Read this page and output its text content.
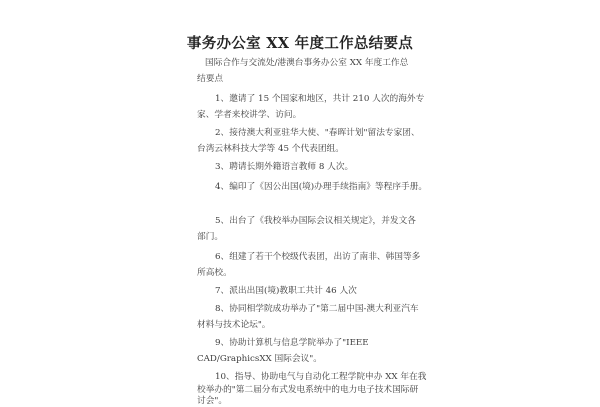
事务办公室 XX 年度工作总结要点

国际合作与交流处/港澳台事务办公室 XX 年度工作总

结要点

1、邀请了 15 个国家和地区，共计 210 人次的海外专

家、学者来校讲学、访问。

2、接待澳大利亚驻华大使、"春晖计划"留法专家团、

台湾云林科技大学等 45 个代表团组。

3、聘请长期外籍语言教师 8 人次。

4、编印了《因公出国(境)办理手续指南》等程序手册。

5、出台了《我校举办国际会议相关规定》，并发文各

部门。

6、组建了若干个校级代表团，出访了南非、韩国等多

所高校。

7、派出出国(境)教职工共计 46 人次

8、协同相学院成功举办了"第二届中国-澳大利亚汽车

材料与技术论坛"。

9、协助计算机与信息学院举办了"IEEE

CAD/GraphicsXX 国际会议"。

10、指导、协助电气与自动化工程学院申办 XX 年在我

校举办的"第二届分布式发电系统中的电力电子技术国际研

讨会"。
